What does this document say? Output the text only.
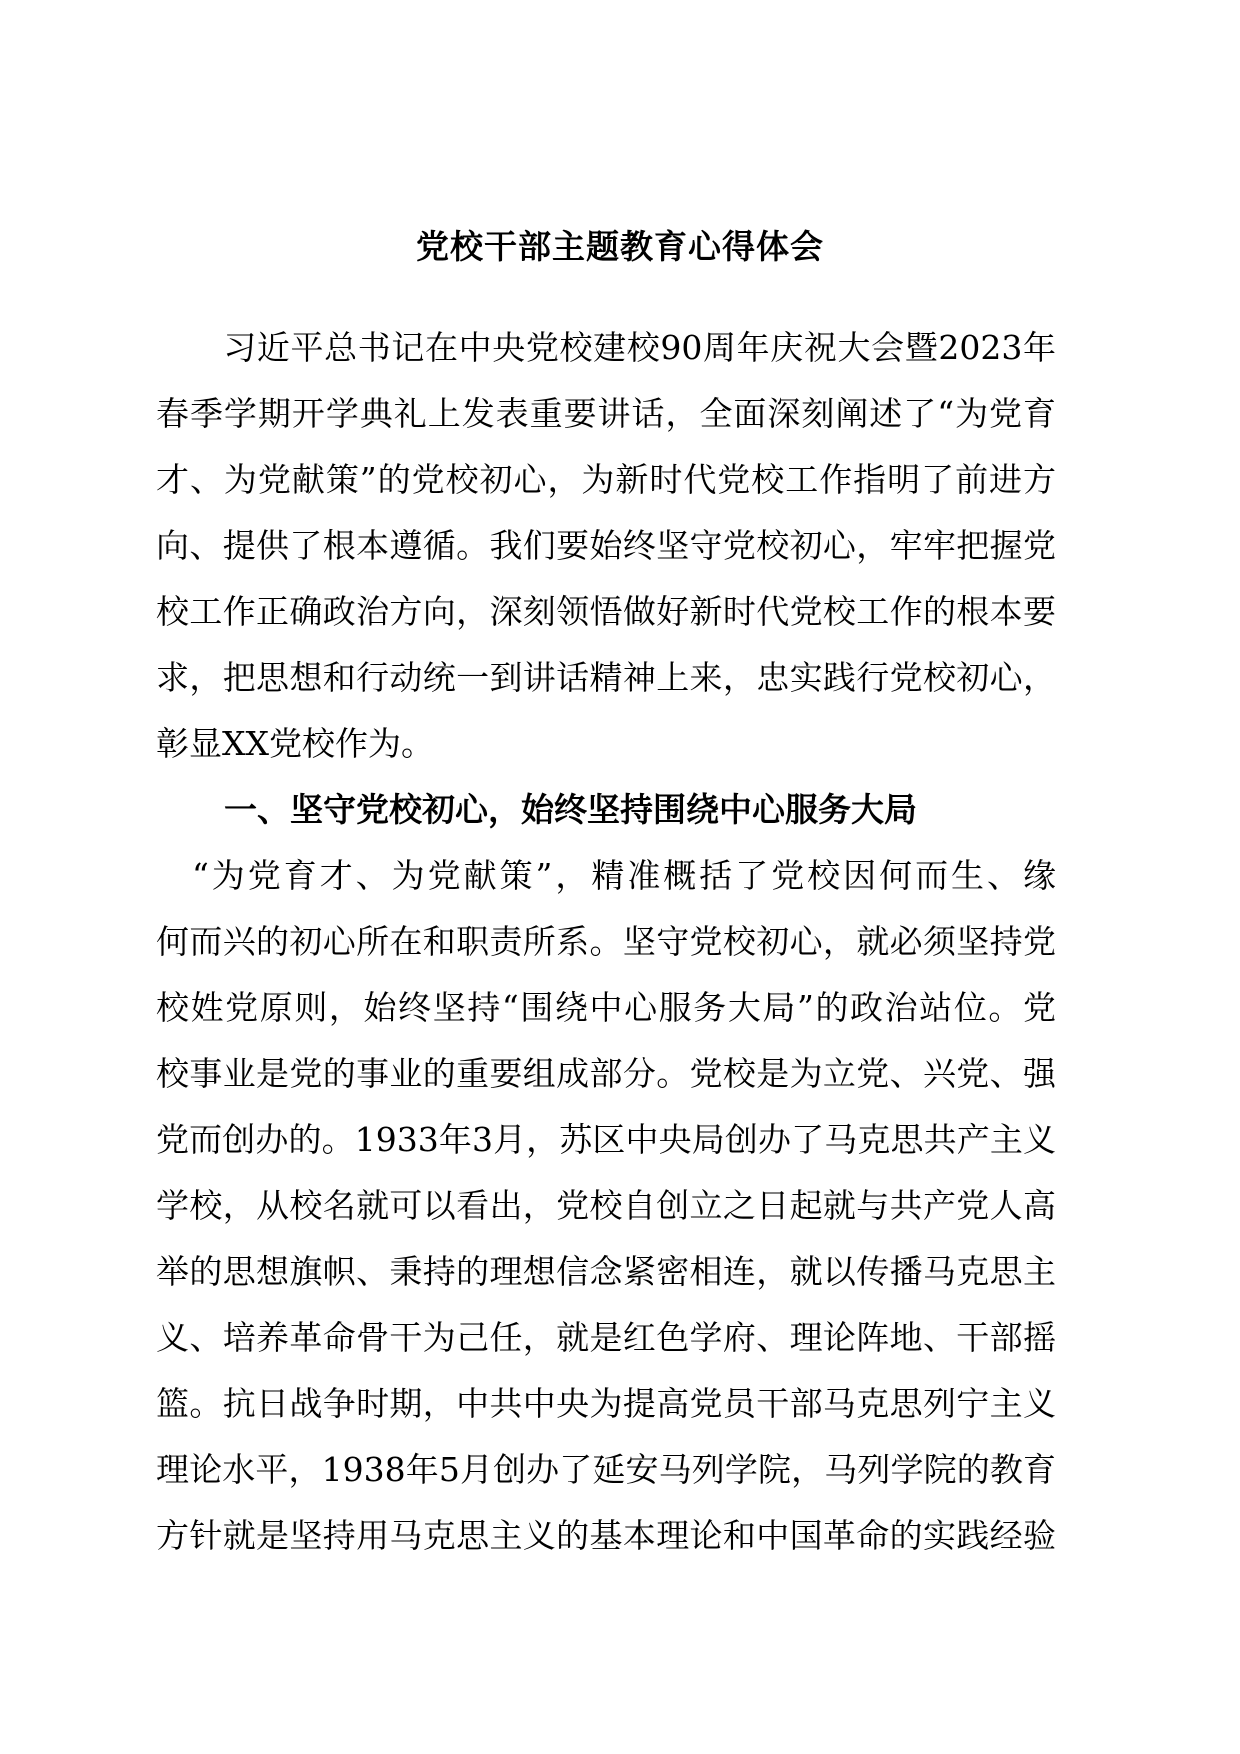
党校干部主题教育心得体会
　　习近平总书记在中央党校建校90周年庆祝大会暨2023年
春季学期开学典礼上发表重要讲话，全面深刻阐述了“为党育
才、为党献策”的党校初心，为新时代党校工作指明了前进方
向、提供了根本遵循。我们要始终坚守党校初心，牢牢把握党
校工作正确政治方向，深刻领悟做好新时代党校工作的根本要
求，把思想和行动统一到讲话精神上来，忠实践行党校初心，
彰显XX党校作为。
一、坚守党校初心，始终坚持围绕中心服务大局
　“为党育才、为党献策”，精准概括了党校因何而生、缘
何而兴的初心所在和职责所系。坚守党校初心，就必须坚持党
校姓党原则，始终坚持“围绕中心服务大局”的政治站位。党
校事业是党的事业的重要组成部分。党校是为立党、兴党、强
党而创办的。1933年3月，苏区中央局创办了马克思共产主义
学校，从校名就可以看出，党校自创立之日起就与共产党人高
举的思想旗帜、秉持的理想信念紧密相连，就以传播马克思主
义、培养革命骨干为己任，就是红色学府、理论阵地、干部摇
篮。抗日战争时期，中共中央为提高党员干部马克思列宁主义
理论水平，1938年5月创办了延安马列学院，马列学院的教育
方针就是坚持用马克思主义的基本理论和中国革命的实践经验
